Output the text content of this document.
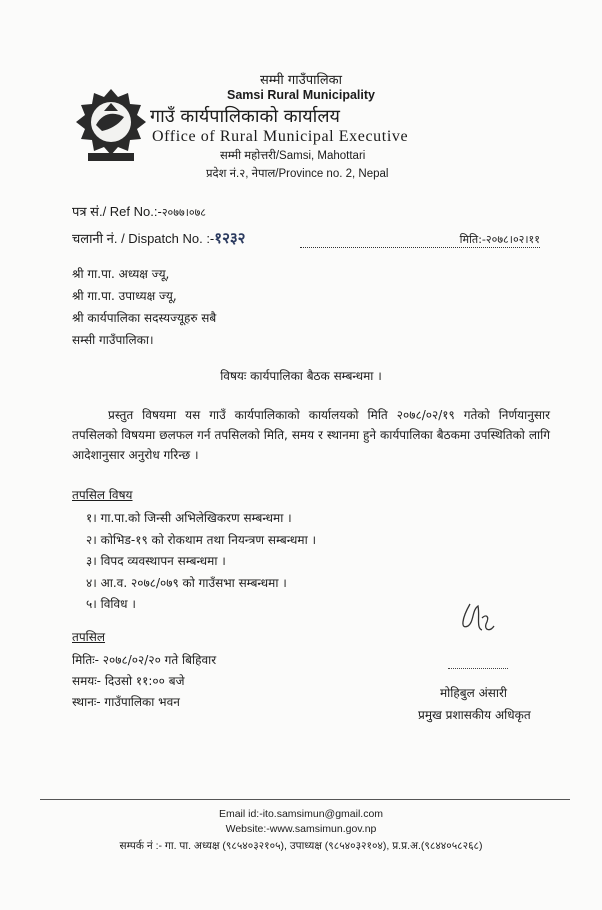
सम्मी गाउँपालिका
Samsi Rural Municipality
गाउँ कार्यपालिकाको कार्यालय
Office of Rural Municipal Executive
सम्मी महोत्तरी/Samsi, Mahottari
प्रदेश नं.२, नेपाल/Province no. 2, Nepal
पत्र सं./ Ref No.:-२०७७।०७८
चलानी नं. / Dispatch No. :-१२३२	मिति:-२०७८।०२।११
श्री गा.पा. अध्यक्ष ज्यू,
श्री गा.पा. उपाध्यक्ष ज्यू,
श्री कार्यपालिका सदस्यज्यूहरु सबै
सम्सी गाउँपालिका।
विषयः कार्यपालिका बैठक सम्बन्धमा ।
प्रस्तुत विषयमा यस गाउँ कार्यपालिकाको कार्यालयको मिति २०७८/०२/१९ गतेको निर्णयानुसार तपसिलको विषयमा छलफल गर्न तपसिलको मिति, समय र स्थानमा हुने कार्यपालिका बैठकमा उपस्थितिको लागि आदेशानुसार अनुरोध गरिन्छ ।
तपसिल विषय
१। गा.पा.को जिन्सी अभिलेखिकरण सम्बन्धमा ।
२। कोभिड-१९ को रोकथाम तथा नियन्त्रण सम्बन्धमा ।
३। विपद व्यवस्थापन सम्बन्धमा ।
४। आ.व. २०७८/०७९ को गाउँसभा सम्बन्धमा ।
५। विविध ।
तपसिल
मितिः- २०७८/०२/२० गते बिहिवार
समयः- दिउसो ११:०० बजे
स्थानः- गाउँपालिका भवन
मोहिबुल अंसारी
प्रमुख प्रशासकीय अधिकृत
Email id:-ito.samsimun@gmail.com
Website:-www.samsimun.gov.np
सम्पर्क नं :- गा. पा. अध्यक्ष (९८५४०३२१०५), उपाध्यक्ष (९८५४०३२१०४), प्र.प्र.अ.(९८४४०५८२६८)
